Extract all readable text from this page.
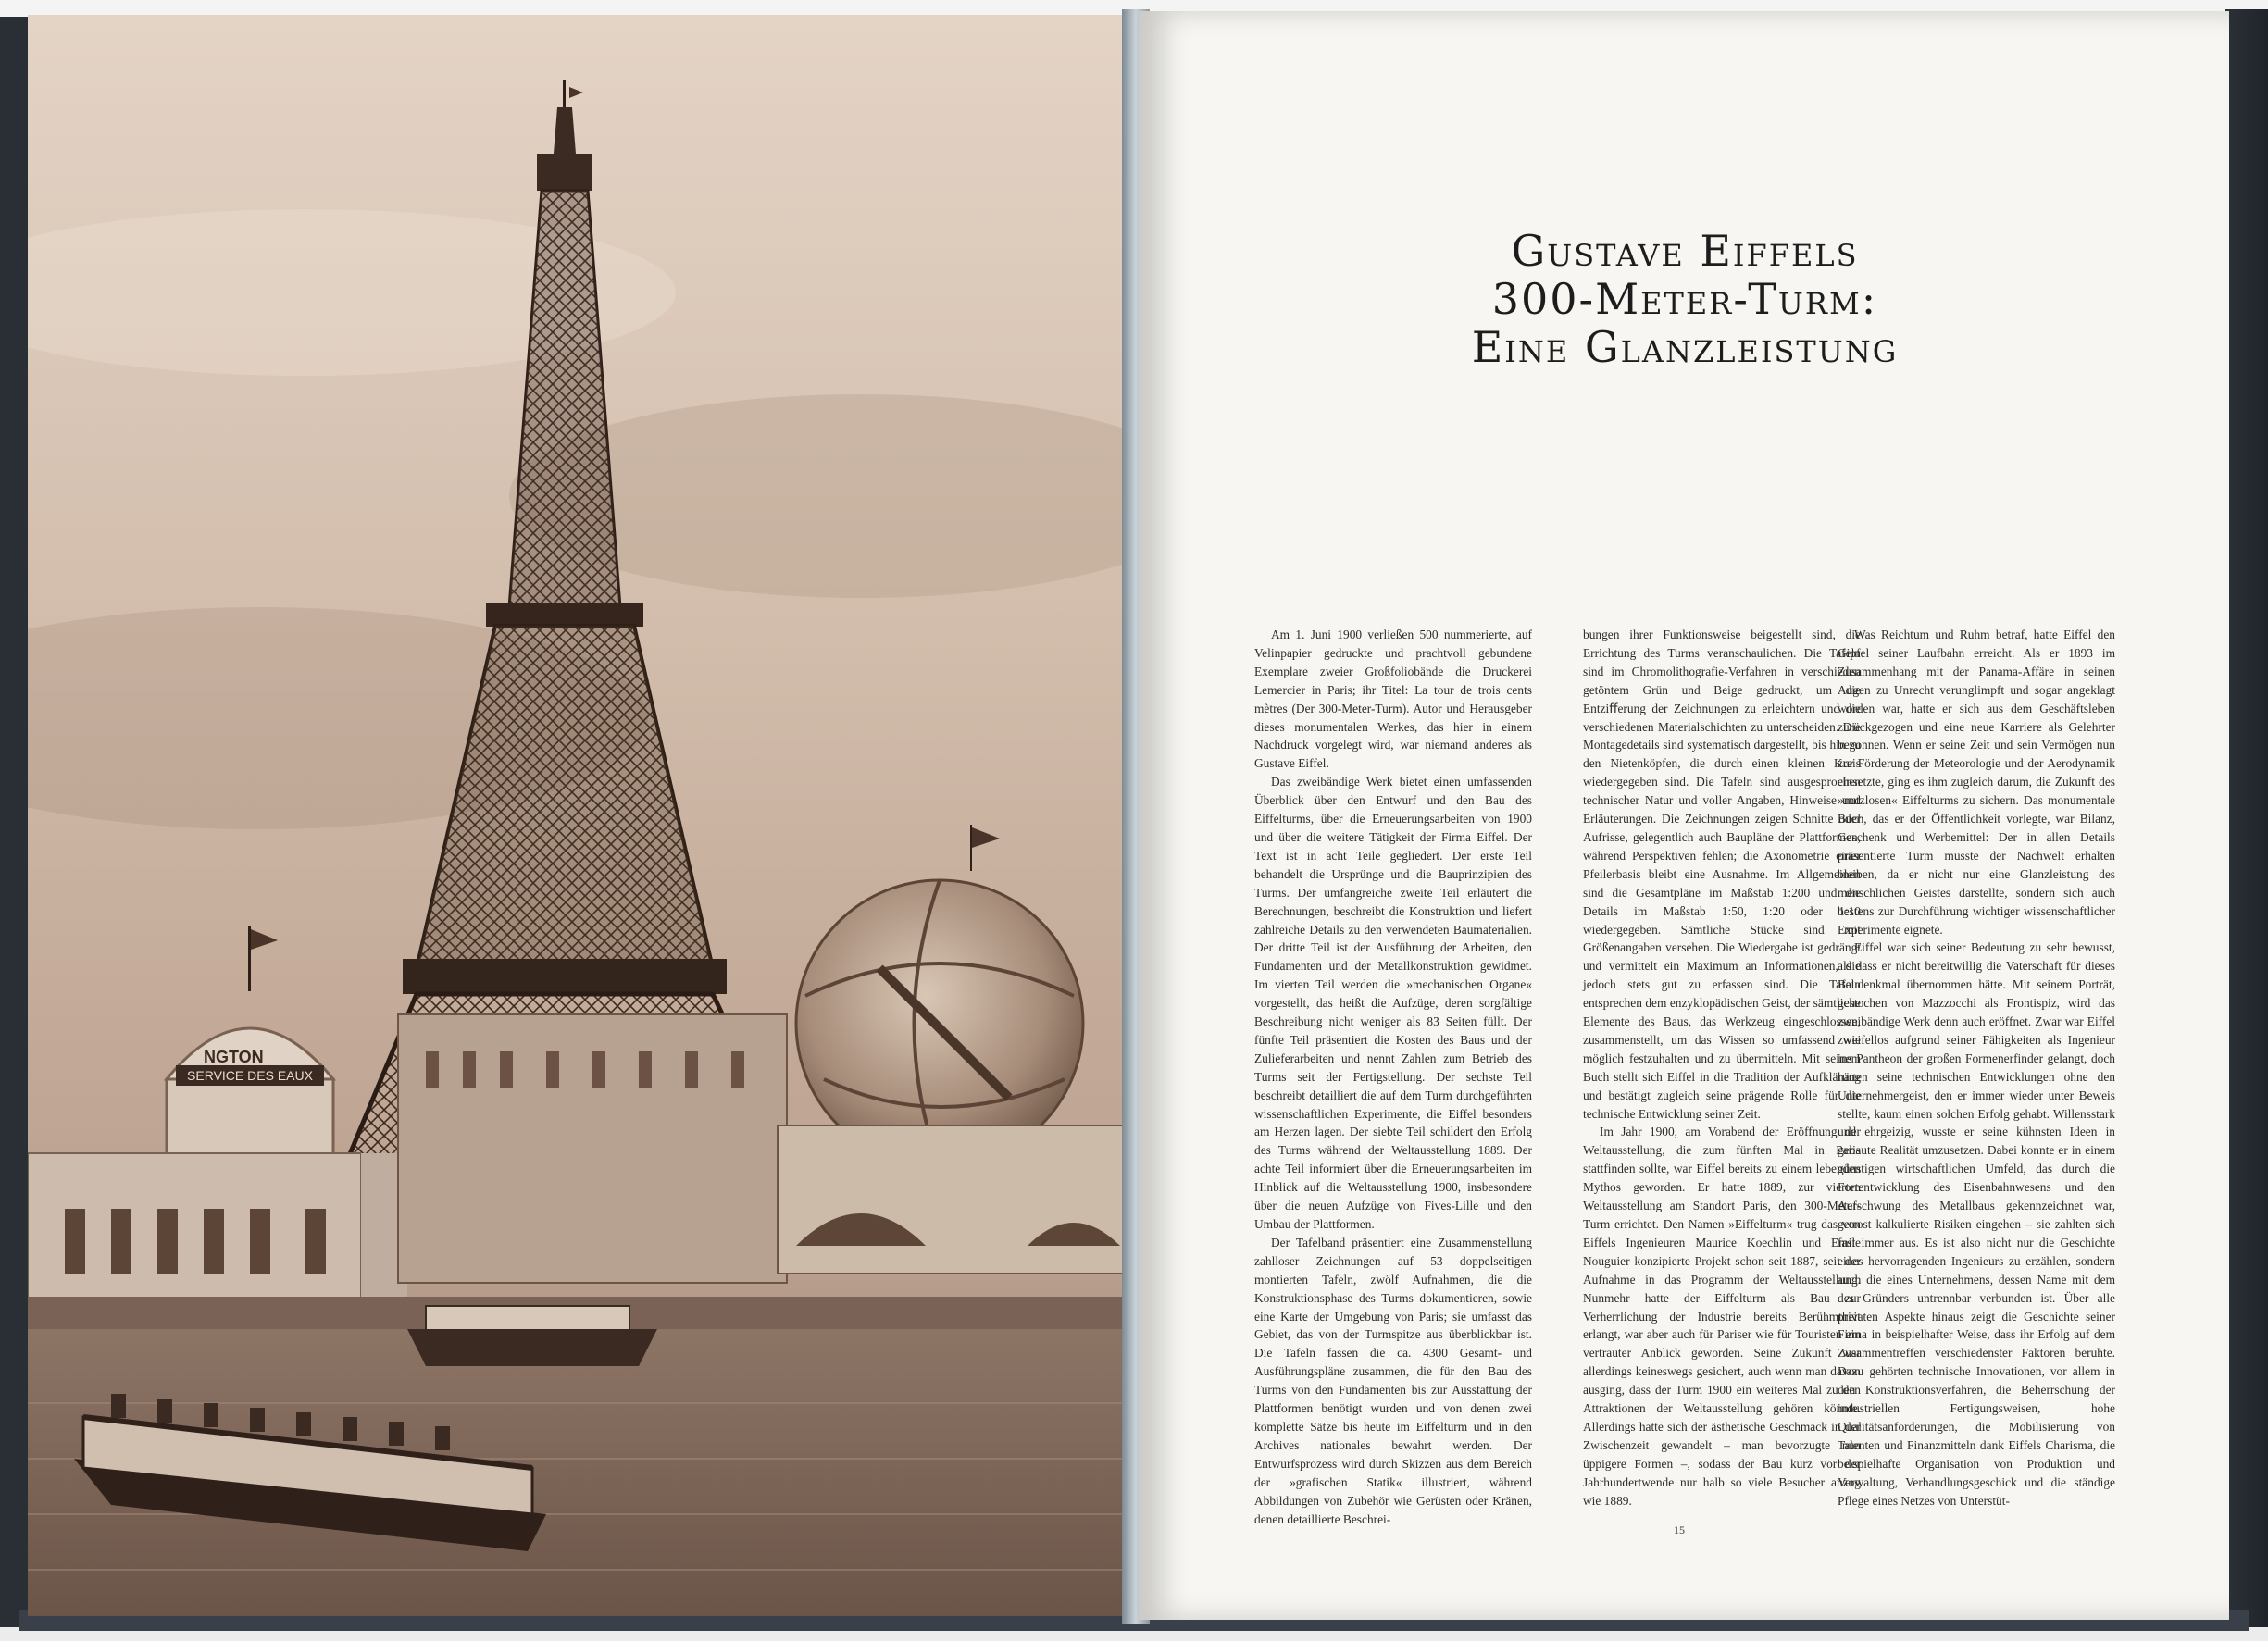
SERVICE DES EAUX
NGTON
Gustave Eiffels
300-Meter-Turm:
Eine Glanzleistung

Am 1. Juni 1900 verließen 500 nummerierte, auf Velinpapier gedruckte und prachtvoll gebundene Exemplare zweier Großfoliobände die Druckerei Lemercier in Paris; ihr Titel: La tour de trois cents mètres (Der 300-Meter-Turm). Autor und Herausgeber dieses monumentalen Werkes, das hier in einem Nachdruck vorgelegt wird, war niemand anderes als Gustave Eiffel.

Das zweibändige Werk bietet einen umfassenden Überblick über den Entwurf und den Bau des Eiffelturms, über die Erneuerungsarbeiten von 1900 und über die weitere Tätigkeit der Firma Eiffel. Der Text ist in acht Teile gegliedert. Der erste Teil behandelt die Ursprünge und die Bauprinzipien des Turms. Der umfangreiche zweite Teil erläutert die Berechnungen, beschreibt die Konstruktion und liefert zahlreiche Details zu den verwendeten Baumaterialien. Der dritte Teil ist der Ausführung der Arbeiten, den Fundamenten und der Metallkonstruktion gewidmet. Im vierten Teil werden die »mechanischen Organe« vorgestellt, das heißt die Aufzüge, deren sorgfältige Beschreibung nicht weniger als 83 Seiten füllt. Der fünfte Teil präsentiert die Kosten des Baus und der Zulieferarbeiten und nennt Zahlen zum Betrieb des Turms seit der Fertigstellung. Der sechste Teil beschreibt detailliert die auf dem Turm durchgeführten wissenschaftlichen Experimente, die Eiffel besonders am Herzen lagen. Der siebte Teil schildert den Erfolg des Turms während der Weltausstellung 1889. Der achte Teil informiert über die Erneuerungsarbeiten im Hinblick auf die Weltausstellung 1900, insbesondere über die neuen Aufzüge von Fives-Lille und den Umbau der Plattformen.

Der Tafelband präsentiert eine Zusammenstellung zahlloser Zeichnungen auf 53 doppelseitigen montierten Tafeln, zwölf Aufnahmen, die die Konstruktionsphase des Turms dokumentieren, sowie eine Karte der Umgebung von Paris; sie umfasst das Gebiet, das von der Turmspitze aus überblickbar ist. Die Tafeln fassen die ca. 4300 Gesamt- und Ausführungspläne zusammen, die für den Bau des Turms von den Fundamenten bis zur Ausstattung der Plattformen benötigt wurden und von denen zwei komplette Sätze bis heute im Eiffelturm und in den Archives nationales bewahrt werden. Der Entwurfsprozess wird durch Skizzen aus dem Bereich der »grafischen Statik« illustriert, während Abbildungen von Zubehör wie Gerüsten oder Kränen, denen detaillierte Beschrei-

bungen ihrer Funktionsweise beigestellt sind, die Errichtung des Turms veranschaulichen. Die Tafeln sind im Chromolithografie-Verfahren in verschieden getöntem Grün und Beige gedruckt, um die Entziﬀerung der Zeichnungen zu erleichtern und die verschiedenen Materialschichten zu unterscheiden. Die Montagedetails sind systematisch dargestellt, bis hin zu den Nietenköpfen, die durch einen kleinen Kreis wiedergegeben sind. Die Tafeln sind ausgesprochen technischer Natur und voller Angaben, Hinweise und Erläuterungen. Die Zeichnungen zeigen Schnitte oder Aufrisse, gelegentlich auch Baupläne der Plattformen, während Perspektiven fehlen; die Axonometrie einer Pfeilerbasis bleibt eine Ausnahme. Im Allgemeinen sind die Gesamtpläne im Maßstab 1:200 und die Details im Maßstab 1:50, 1:20 oder 1:10 wiedergegeben. Sämtliche Stücke sind mit Größenangaben versehen. Die Wiedergabe ist gedrängt und vermittelt ein Maximum an Informationen, die jedoch stets gut zu erfassen sind. Die Tafeln entsprechen dem enzyklopädischen Geist, der sämtliche Elemente des Baus, das Werkzeug eingeschlossen, zusammenstellt, um das Wissen so umfassend wie möglich festzuhalten und zu übermitteln. Mit seinem Buch stellt sich Eiffel in die Tradition der Aufklärung und bestätigt zugleich seine prägende Rolle für die technische Entwicklung seiner Zeit.

Im Jahr 1900, am Vorabend der Eröffnung der Weltausstellung, die zum fünften Mal in Paris stattfinden sollte, war Eiffel bereits zu einem lebenden Mythos geworden. Er hatte 1889, zur vierten Weltausstellung am Standort Paris, den 300-Meter-Turm errichtet. Den Namen »Eiffelturm« trug das von Eiffels Ingenieuren Maurice Koechlin und Emile Nouguier konzipierte Projekt schon seit 1887, seit der Aufnahme in das Programm der Weltausstellung. Nunmehr hatte der Eiffelturm als Bau zur Verherrlichung der Industrie bereits Berühmtheit erlangt, war aber auch für Pariser wie für Touristen ein vertrauter Anblick geworden. Seine Zukunft war allerdings keineswegs gesichert, auch wenn man davon ausging, dass der Turm 1900 ein weiteres Mal zu den Attraktionen der Weltausstellung gehören könnte. Allerdings hatte sich der ästhetische Geschmack in der Zwischenzeit gewandelt – man bevorzugte nun üppigere Formen –, sodass der Bau kurz vor der Jahrhundertwende nur halb so viele Besucher anzog wie 1889.

Was Reichtum und Ruhm betraf, hatte Eiffel den Gipfel seiner Laufbahn erreicht. Als er 1893 im Zusammenhang mit der Panama-Affäre in seinen Augen zu Unrecht verunglimpft und sogar angeklagt worden war, hatte er sich aus dem Geschäftsleben zurückgezogen und eine neue Karriere als Gelehrter begonnen. Wenn er seine Zeit und sein Vermögen nun zur Förderung der Meteorologie und der Aerodynamik einsetzte, ging es ihm zugleich darum, die Zukunft des »nutzlosen« Eiffelturms zu sichern. Das monumentale Buch, das er der Öffentlichkeit vorlegte, war Bilanz, Geschenk und Werbemittel: Der in allen Details präsentierte Turm musste der Nachwelt erhalten bleiben, da er nicht nur eine Glanzleistung des menschlichen Geistes darstellte, sondern sich auch bestens zur Durchführung wichtiger wissenschaftlicher Experimente eignete.

Eiffel war sich seiner Bedeutung zu sehr bewusst, als dass er nicht bereitwillig die Vaterschaft für dieses Baudenkmal übernommen hätte. Mit seinem Porträt, gestochen von Mazzocchi als Frontispiz, wird das zweibändige Werk denn auch eröffnet. Zwar war Eiffel zweifellos aufgrund seiner Fähigkeiten als Ingenieur ins Pantheon der großen Formenerfinder gelangt, doch hätten seine technischen Entwicklungen ohne den Unternehmergeist, den er immer wieder unter Beweis stellte, kaum einen solchen Erfolg gehabt. Willensstark und ehrgeizig, wusste er seine kühnsten Ideen in gebaute Realität umzusetzen. Dabei konnte er in einem günstigen wirtschaftlichen Umfeld, das durch die Fortentwicklung des Eisenbahnwesens und den Aufschwung des Metallbaus gekennzeichnet war, getrost kalkulierte Risiken eingehen – sie zahlten sich fast immer aus. Es ist also nicht nur die Geschichte eines hervorragenden Ingenieurs zu erzählen, sondern auch die eines Unternehmens, dessen Name mit dem des Gründers untrennbar verbunden ist. Über alle privaten Aspekte hinaus zeigt die Geschichte seiner Firma in beispielhafter Weise, dass ihr Erfolg auf dem Zusammentreffen verschiedenster Faktoren beruhte. Dazu gehörten technische Innovationen, vor allem in den Konstruktionsverfahren, die Beherrschung der industriellen Fertigungsweisen, hohe Qualitätsanforderungen, die Mobilisierung von Talenten und Finanzmitteln dank Eiffels Charisma, die beispielhafte Organisation von Produktion und Verwaltung, Verhandlungsgeschick und die ständige Pflege eines Netzes von Unterstüt-

15
